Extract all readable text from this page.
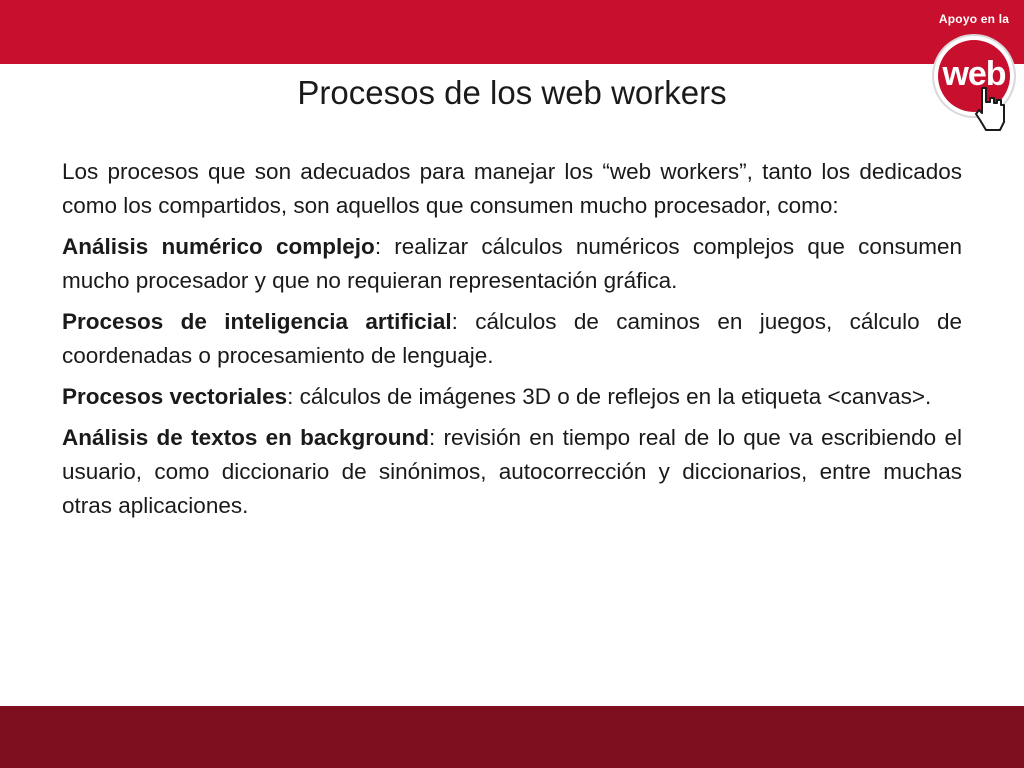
Apoyo en la
web
Procesos de los web workers

Los procesos que son adecuados para manejar los “web workers”, tanto los dedicados como los compartidos, son aquellos que consumen mucho procesador, como:

Análisis numérico complejo: realizar cálculos numéricos complejos que consumen mucho procesador y que no requieran representación gráfica.

Procesos de inteligencia artificial: cálculos de caminos en juegos, cálculo de coordenadas o procesamiento de lenguaje.

Procesos vectoriales: cálculos de imágenes 3D o de reflejos en la etiqueta <canvas>.

Análisis de textos en background: revisión en tiempo real de lo que va escribiendo el usuario, como diccionario de sinónimos, autocorrección y diccionarios, entre muchas otras aplicaciones.
